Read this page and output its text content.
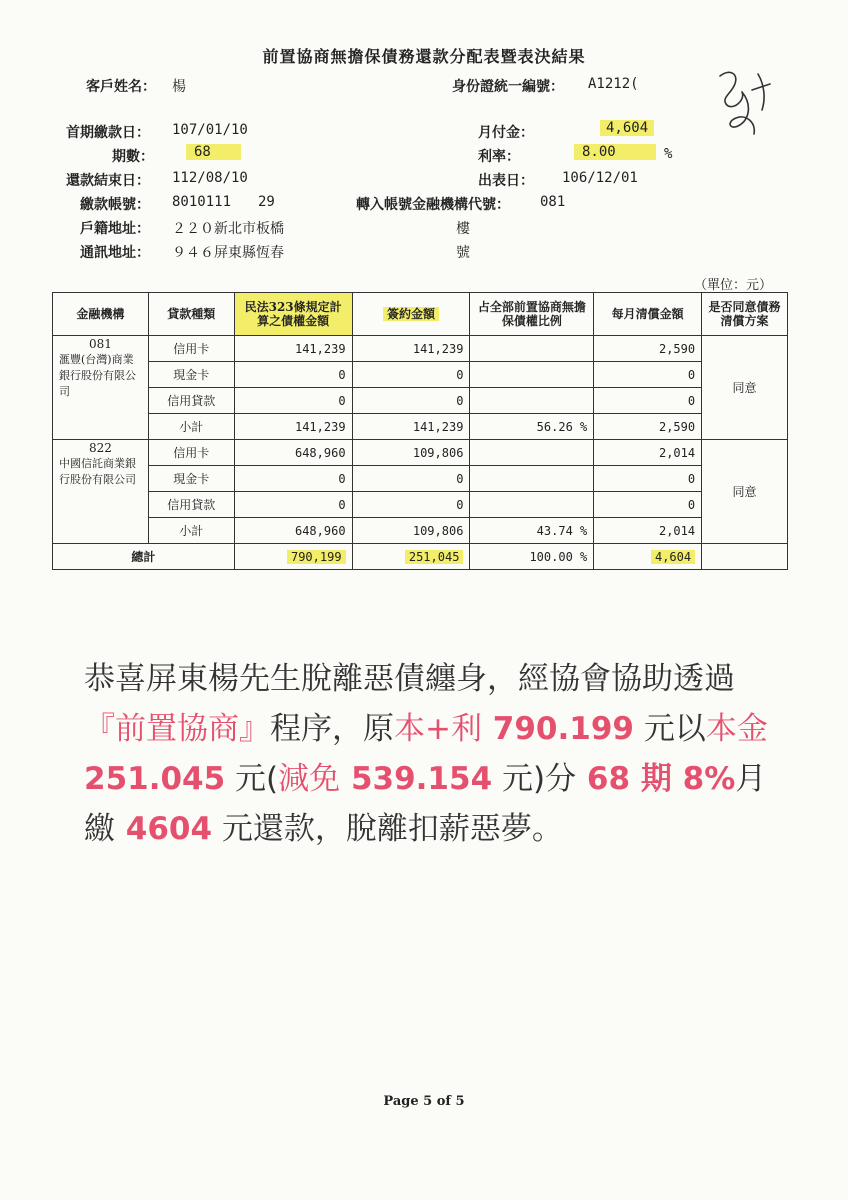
前置協商無擔保債務還款分配表暨表決結果
客戶姓名： 楊	身份證統一編號： A1212(
首期繳款日： 107/01/10	月付金：	4,604
期數：	68	利率：	8.00	%
還款結束日： 112/08/10	出表日： 106/12/01
繳款帳號： 8010111 29	轉入帳號金融機構代號： 081
戶籍地址： ２２０新北市板橋	樓
通訊地址： ９４６屏東縣恆春	號
（單位：元）
金融機構	貸款種類	民法323條規定計算之債權金額	簽約金額	占全部前置協商無擔保債權比例	每月清償金額	是否同意債務清償方案

081
滙豐(台灣)商業銀行股份有限公司	信用卡	141,239	141,239		2,590	同意
	現金卡	0	0		0	
	信用貸款	0	0		0	
	小計	141,239	141,239	56.26 %	2,590	

822
中國信託商業銀行股份有限公司	信用卡	648,960	109,806		2,014	同意
	現金卡	0	0		0	
	信用貸款	0	0		0	
	小計	648,960	109,806	43.74 %	2,014	
總計		790,199	251,045	100.00 %	4,604	
恭喜屏東楊先生脫離惡債纏身，經協會協助透過『前置協商』程序，原本+利 790.199 元以本金 251.045 元(減免 539.154 元)分 68 期 8%月繳 4604 元還款，脫離扣薪惡夢。
Page 5 of 5
